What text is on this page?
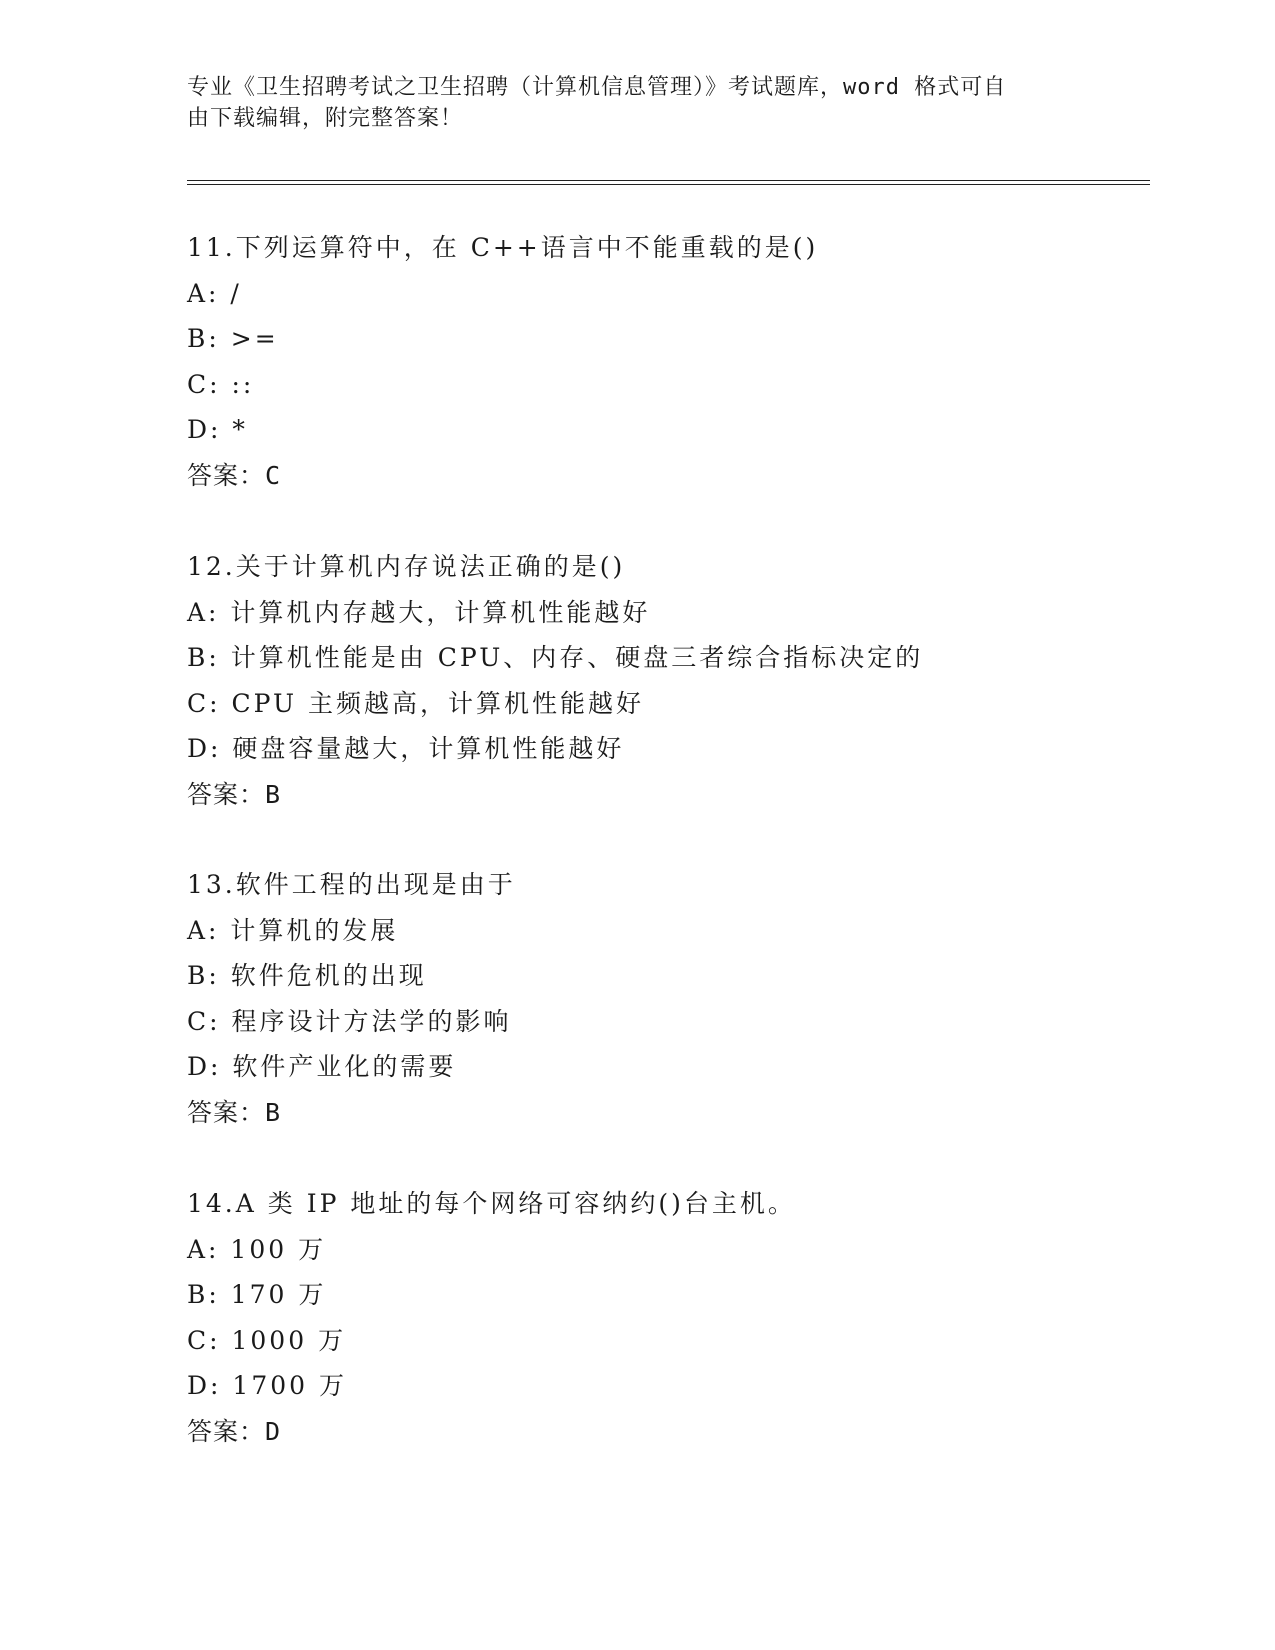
专业《卫生招聘考试之卫生招聘（计算机信息管理）》考试题库，word 格式可自
由下载编辑，附完整答案！
11.下列运算符中，在 C++语言中不能重载的是()
A: /
B: >=
C: ::
D: *
答案：C
12.关于计算机内存说法正确的是()
A: 计算机内存越大，计算机性能越好
B: 计算机性能是由 CPU、内存、硬盘三者综合指标决定的
C: CPU 主频越高，计算机性能越好
D: 硬盘容量越大，计算机性能越好
答案：B
13.软件工程的出现是由于
A: 计算机的发展
B: 软件危机的出现
C: 程序设计方法学的影响
D: 软件产业化的需要
答案：B
14.A 类 IP 地址的每个网络可容纳约()台主机。
A: 100 万
B: 170 万
C: 1000 万
D: 1700 万
答案：D
